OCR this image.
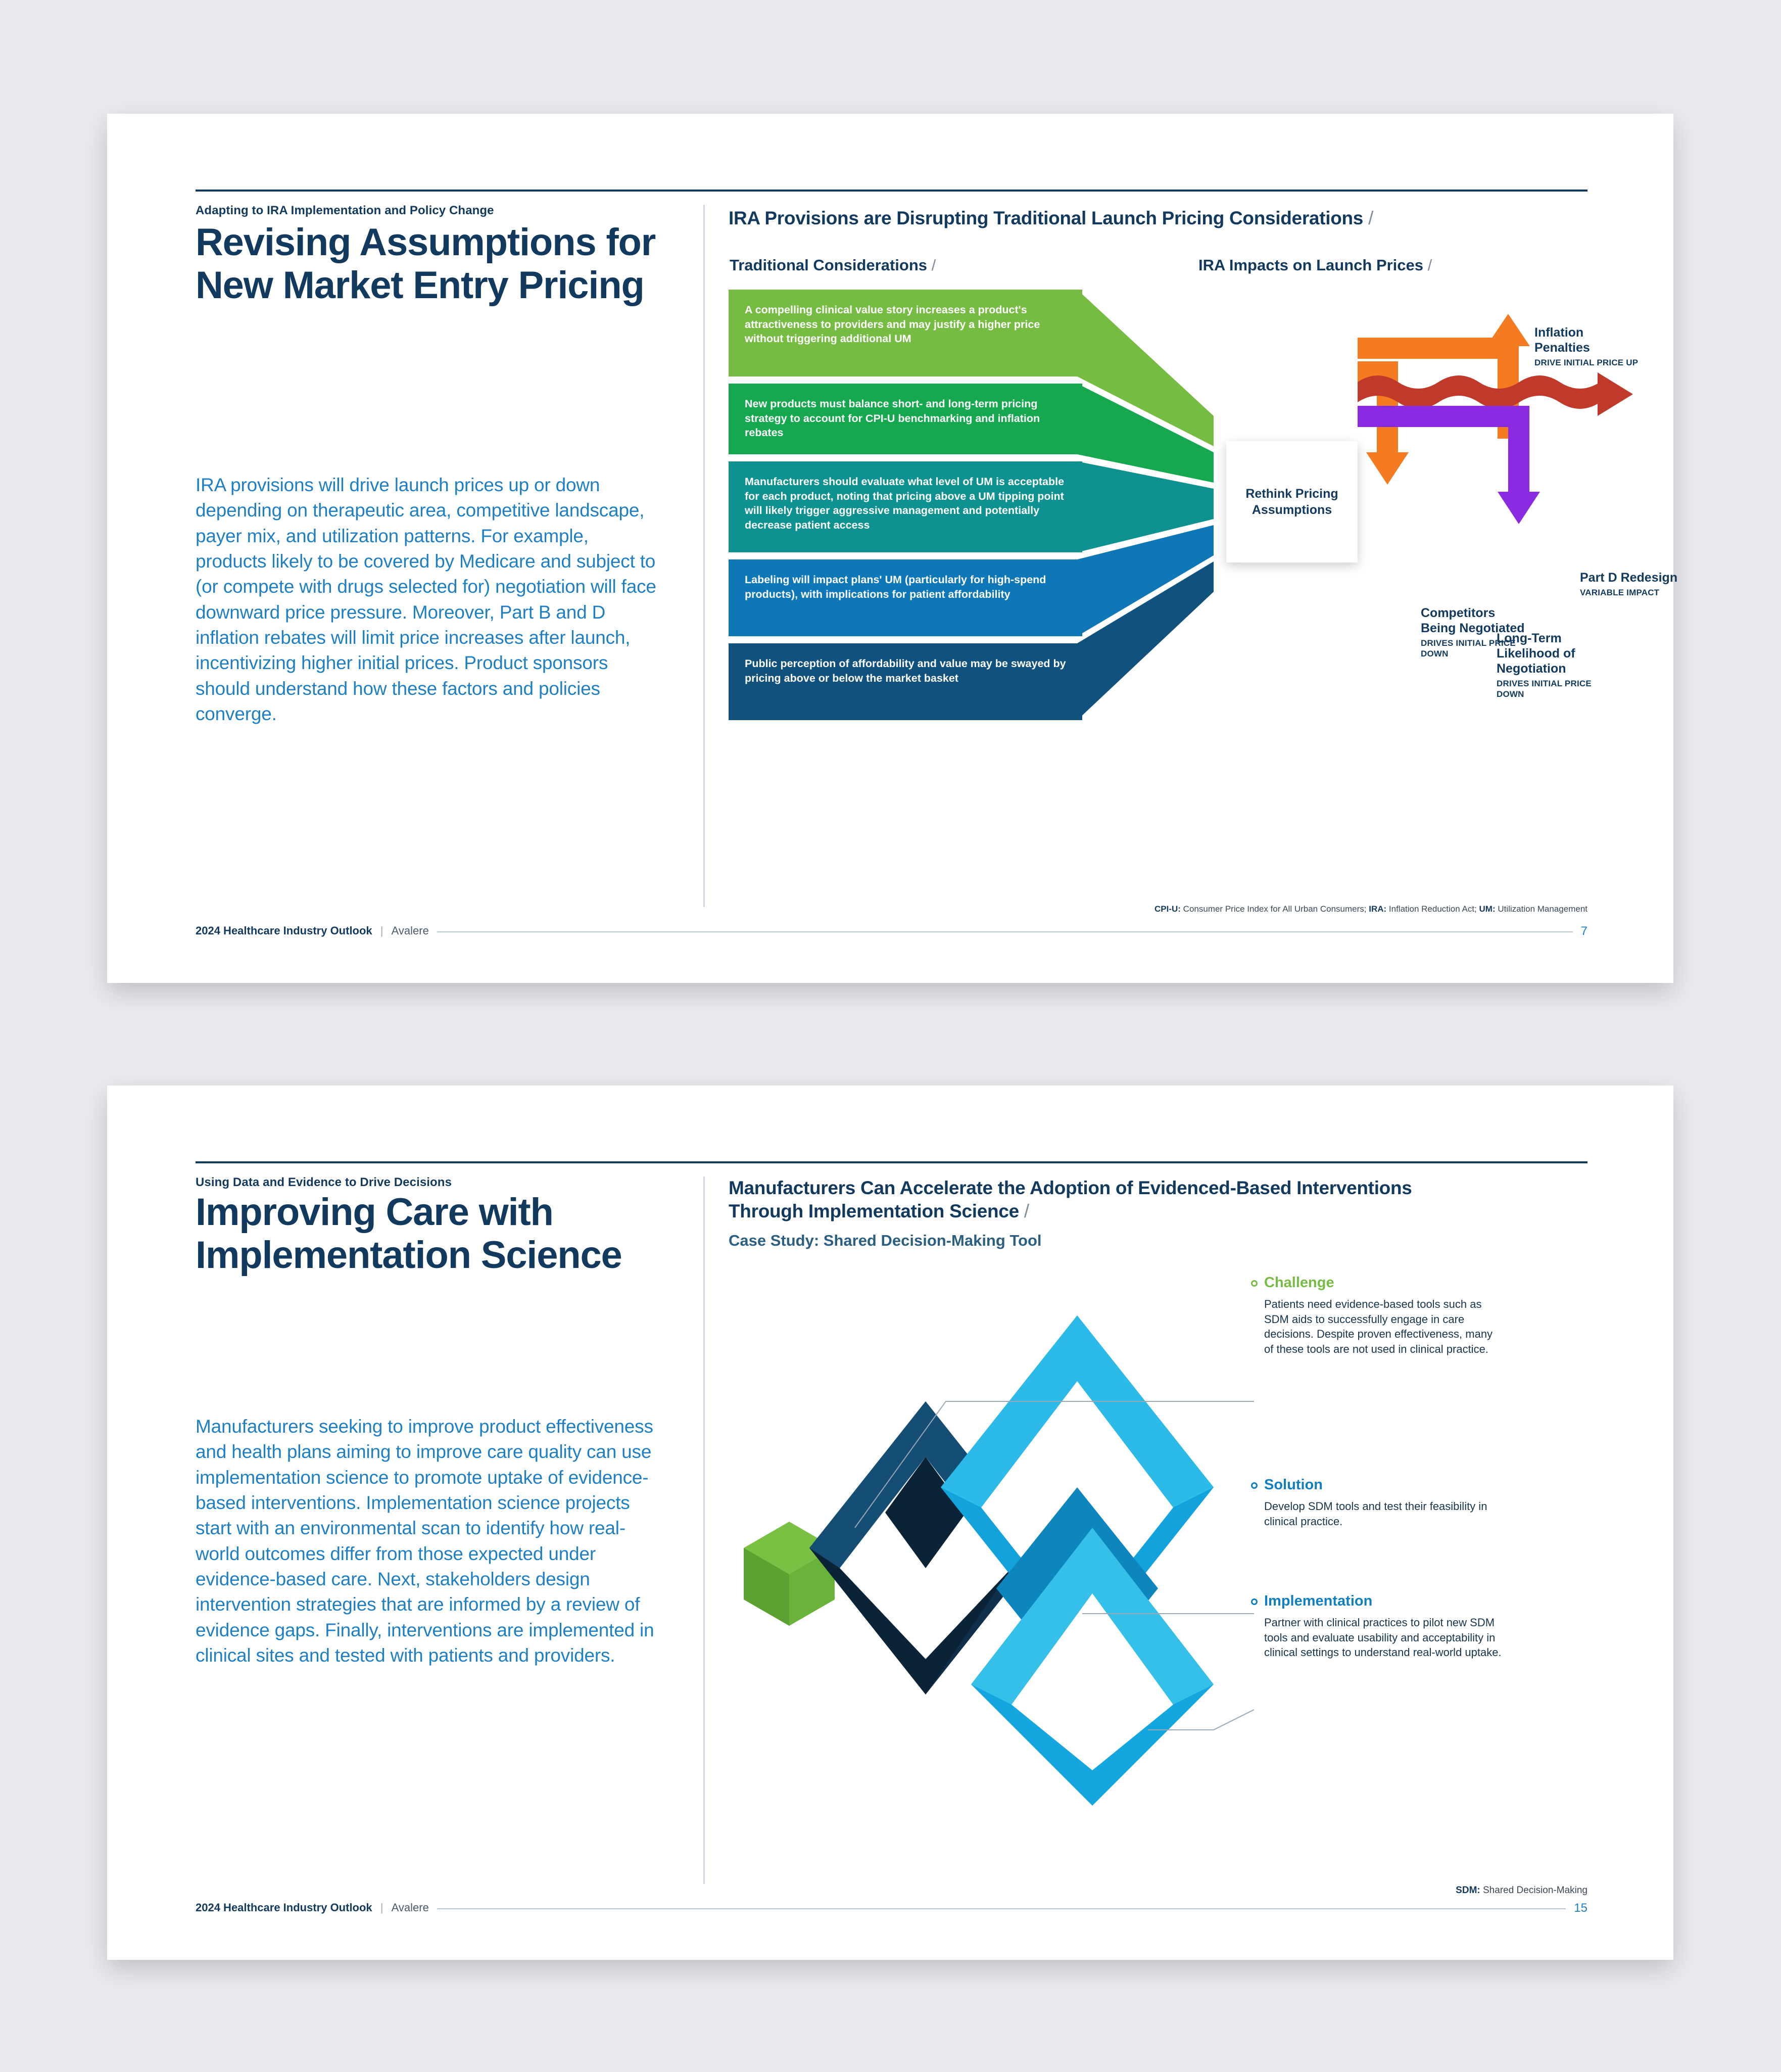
Adapting to IRA Implementation and Policy Change
Revising Assumptions for New Market Entry Pricing
IRA provisions will drive launch prices up or down depending on therapeutic area, competitive landscape, payer mix, and utilization patterns. For example, products likely to be covered by Medicare and subject to (or compete with drugs selected for) negotiation will face downward price pressure. Moreover, Part B and D inflation rebates will limit price increases after launch, incentivizing higher initial prices. Product sponsors should understand how these factors and policies converge.
IRA Provisions are Disrupting Traditional Launch Pricing Considerations /
Traditional Considerations /	IRA Impacts on Launch Prices /
A compelling clinical value story increases a product's attractiveness to providers and may justify a higher price without triggering additional UM
New products must balance short- and long-term pricing strategy to account for CPI-U benchmarking and inflation rebates
Manufacturers should evaluate what level of UM is acceptable for each product, noting that pricing above a UM tipping point will likely trigger aggressive management and potentially decrease patient access
Labeling will impact plans' UM (particularly for high-spend products), with implications for patient affordability
Public perception of affordability and value may be swayed by pricing above or below the market basket
Rethink Pricing Assumptions
Inflation Penalties
DRIVE INITIAL PRICE UP
Part D Redesign
VARIABLE IMPACT
Competitors Being Negotiated
DRIVES INITIAL PRICE DOWN
Long-Term Likelihood of Negotiation
DRIVES INITIAL PRICE DOWN
CPI-U: Consumer Price Index for All Urban Consumers; IRA: Inflation Reduction Act; UM: Utilization Management
2024 Healthcare Industry Outlook | Avalere	7
Using Data and Evidence to Drive Decisions
Improving Care with Implementation Science
Manufacturers seeking to improve product effectiveness and health plans aiming to improve care quality can use implementation science to promote uptake of evidence-based interventions. Implementation science projects start with an environmental scan to identify how real-world outcomes differ from those expected under evidence-based care. Next, stakeholders design intervention strategies that are informed by a review of evidence gaps. Finally, interventions are implemented in clinical sites and tested with patients and providers.
Manufacturers Can Accelerate the Adoption of Evidenced-Based Interventions Through Implementation Science /
Case Study: Shared Decision-Making Tool
Challenge
Patients need evidence-based tools such as SDM aids to successfully engage in care decisions. Despite proven effectiveness, many of these tools are not used in clinical practice.
Solution
Develop SDM tools and test their feasibility in clinical practice.
Implementation
Partner with clinical practices to pilot new SDM tools and evaluate usability and acceptability in clinical settings to understand real-world uptake.
SDM: Shared Decision-Making
2024 Healthcare Industry Outlook | Avalere	15
